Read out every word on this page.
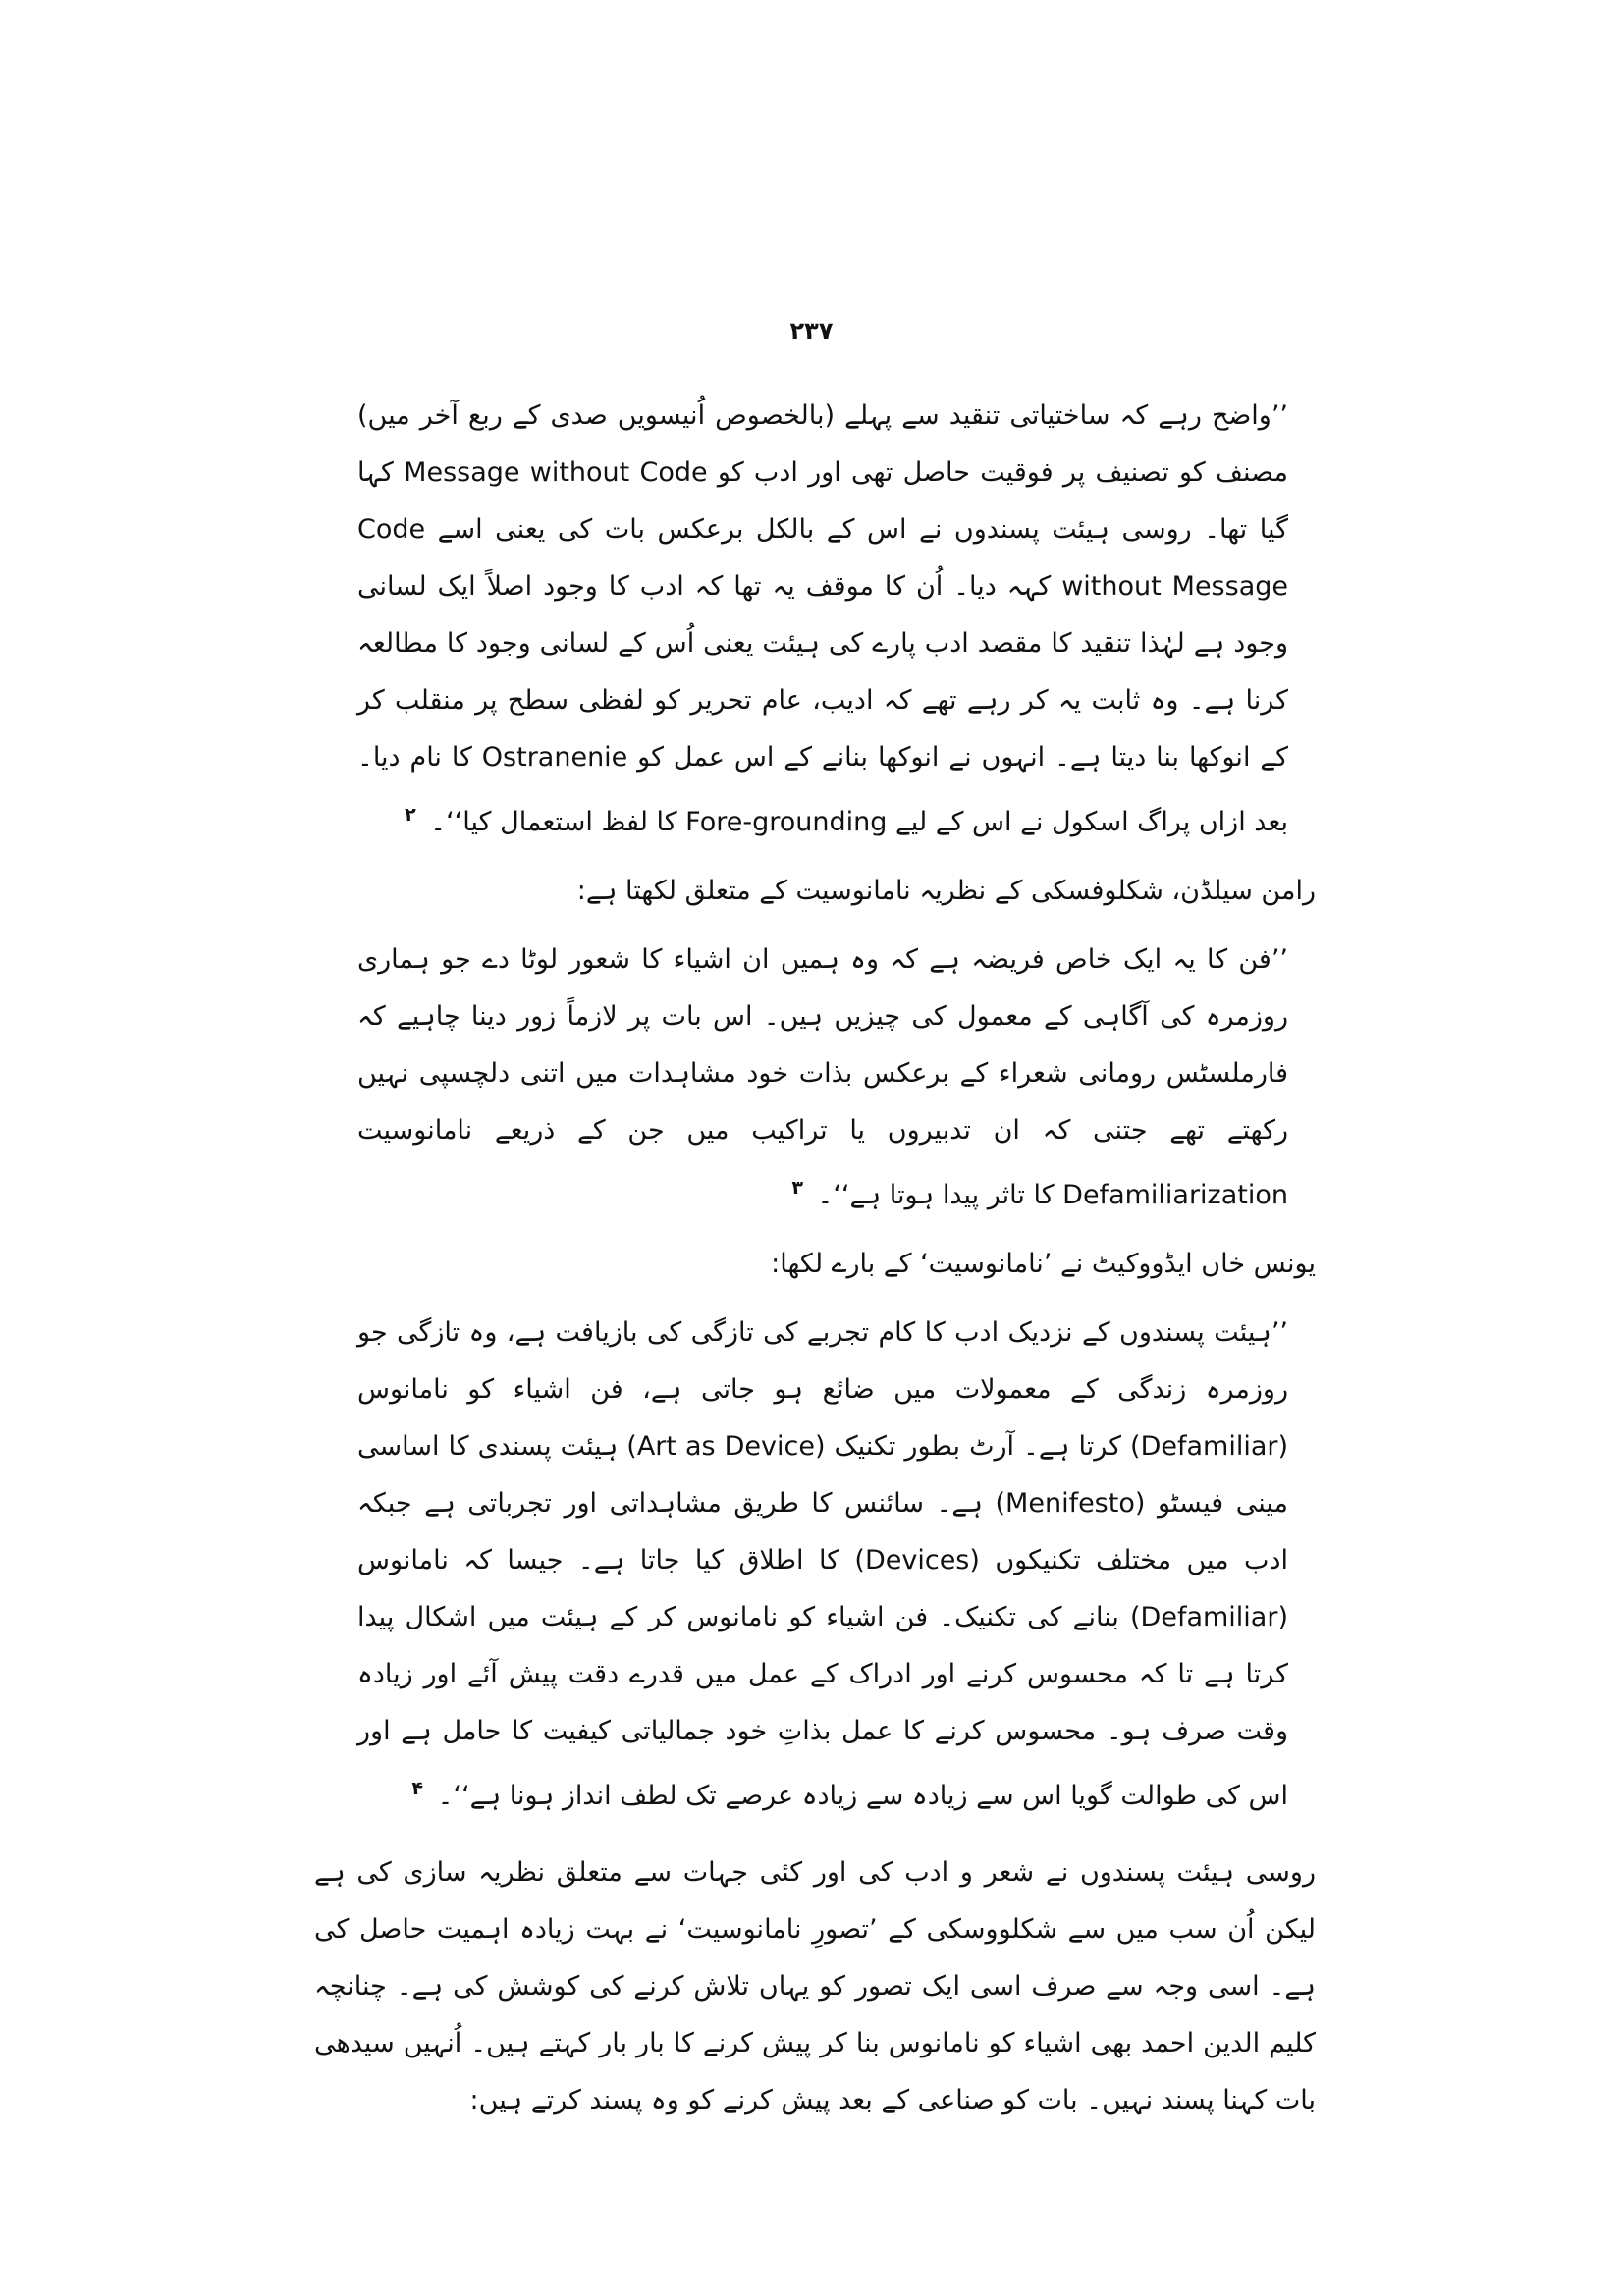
۲۳۷

’’واضح رہے کہ ساختیاتی تنقید سے پہلے (بالخصوص اُنیسویں صدی کے ربع آخر میں) مصنف کو تصنیف پر فوقیت حاصل تھی اور ادب کو Message without Code کہا گیا تھا۔ روسی ہیئت پسندوں نے اس کے بالکل برعکس بات کی یعنی اسے Code without Message کہہ دیا۔ اُن کا موقف یہ تھا کہ ادب کا وجود اصلاً ایک لسانی وجود ہے لہٰذا تنقید کا مقصد ادب پارے کی ہیئت یعنی اُس کے لسانی وجود کا مطالعہ کرنا ہے۔ وہ ثابت یہ کر رہے تھے کہ ادیب، عام تحریر کو لفظی سطح پر منقلب کر کے انوکھا بنا دیتا ہے۔ انہوں نے انوکھا بنانے کے اس عمل کو Ostranenie کا نام دیا۔ بعد ازاں پراگ اسکول نے اس کے لیے Fore-grounding کا لفظ استعمال کیا‘‘۔ $^۲$

رامن سیلڈن، شکلوفسکی کے نظریہ نامانوسیت کے متعلق لکھتا ہے:

’’فن کا یہ ایک خاص فریضہ ہے کہ وہ ہمیں ان اشیاء کا شعور لوٹا دے جو ہماری روزمرہ کی آگاہی کے معمول کی چیزیں ہیں۔ اس بات پر لازماً زور دینا چاہیے کہ فارملسٹس رومانی شعراء کے برعکس بذات خود مشاہدات میں اتنی دلچسپی نہیں رکھتے تھے جتنی کہ ان تدبیروں یا تراکیب میں جن کے ذریعے نامانوسیت Defamiliarization کا تاثر پیدا ہوتا ہے‘‘۔ $^۳$

یونس خاں ایڈووکیٹ نے ’نامانوسیت‘ کے بارے لکھا:

’’ہیئت پسندوں کے نزدیک ادب کا کام تجربے کی تازگی کی بازیافت ہے، وہ تازگی جو روزمرہ زندگی کے معمولات میں ضائع ہو جاتی ہے، فن اشیاء کو نامانوس (Defamiliar) کرتا ہے۔ آرٹ بطور تکنیک (Art as Device) ہیئت پسندی کا اساسی مینی فیسٹو (Menifesto) ہے۔ سائنس کا طریق مشاہداتی اور تجرباتی ہے جبکہ ادب میں مختلف تکنیکوں (Devices) کا اطلاق کیا جاتا ہے۔ جیسا کہ نامانوس (Defamiliar) بنانے کی تکنیک۔ فن اشیاء کو نامانوس کر کے ہیئت میں اشکال پیدا کرتا ہے تا کہ محسوس کرنے اور ادراک کے عمل میں قدرے دقت پیش آئے اور زیادہ وقت صرف ہو۔ محسوس کرنے کا عمل بذاتِ خود جمالیاتی کیفیت کا حامل ہے اور اس کی طوالت گویا اس سے زیادہ سے زیادہ عرصے تک لطف انداز ہونا ہے‘‘۔ $^۴$

روسی ہیئت پسندوں نے شعر و ادب کی اور کئی جہات سے متعلق نظریہ سازی کی ہے لیکن اُن سب میں سے شکلووسکی کے ’تصورِ نامانوسیت‘ نے بہت زیادہ اہمیت حاصل کی ہے۔ اسی وجہ سے صرف اسی ایک تصور کو یہاں تلاش کرنے کی کوشش کی ہے۔ چنانچہ کلیم الدین احمد بھی اشیاء کو نامانوس بنا کر پیش کرنے کا بار بار کہتے ہیں۔ اُنہیں سیدھی بات کہنا پسند نہیں۔ بات کو صناعی کے بعد پیش کرنے کو وہ پسند کرتے ہیں:
